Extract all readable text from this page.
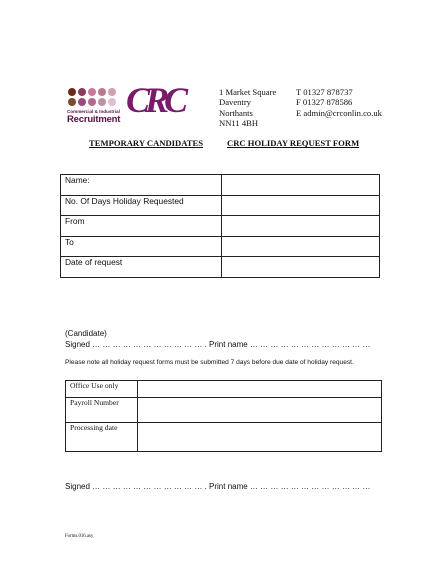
Commercial & Industrial
Recruitment CRC	1 Market Square
Daventry
Northants
NN11 4BH
T 01327 878737
F 01327 878586
E admin@crconlin.co.uk
TEMPORARY CANDIDATES	CRC HOLIDAY REQUEST FORM
Name:	
No. Of Days Holiday Requested	
From	
To	
Date of request	
(Candidate)
Signed … … … … … … … … … … … . Print name … … … … … … … … … … … …
Please note all holiday request forms must be submitted 7 days before due date of holiday request.
Office Use only	
Payroll Number	
Processing date	
Signed … … … … … … … … … … … . Print name … … … … … … … … … … … …
Forms.016.asy
